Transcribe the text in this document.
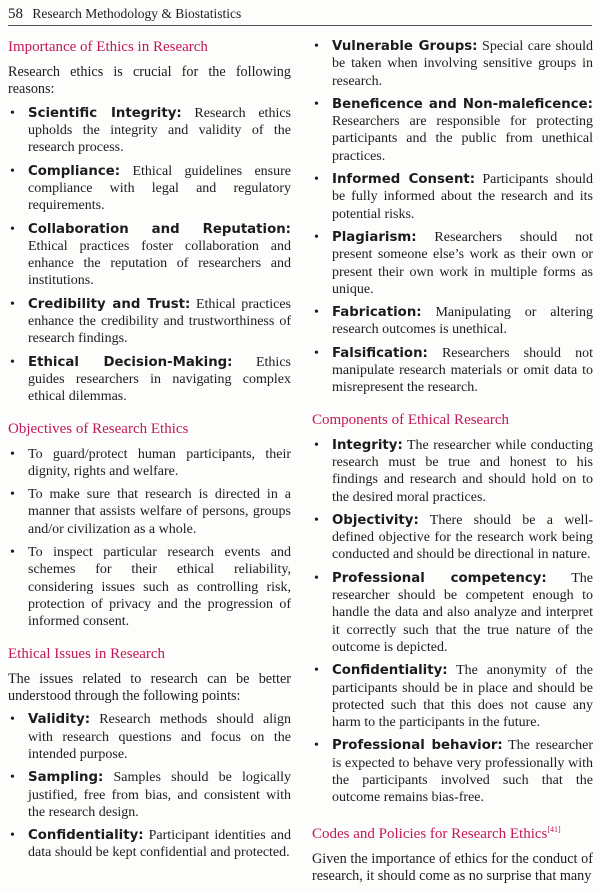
58 Research Methodology & Biostatistics
Importance of Ethics in Research

Research ethics is crucial for the following reasons:

• Scientific Integrity: Research ethics upholds the integrity and validity of the research process.
• Compliance: Ethical guidelines ensure compliance with legal and regulatory requirements.
• Collaboration and Reputation: Ethical practices foster collaboration and enhance the reputation of researchers and institutions.
• Credibility and Trust: Ethical practices enhance the credibility and trustworthiness of research findings.
• Ethical Decision-Making: Ethics guides researchers in navigating complex ethical dilemmas.
Objectives of Research Ethics
• To guard/protect human participants, their dignity, rights and welfare.
• To make sure that research is directed in a manner that assists welfare of persons, groups and/or civilization as a whole.
• To inspect particular research events and schemes for their ethical reliability, considering issues such as controlling risk, protection of privacy and the progression of informed consent.
Ethical Issues in Research

The issues related to research can be better understood through the following points:

• Validity: Research methods should align with research questions and focus on the intended purpose.
• Sampling: Samples should be logically justified, free from bias, and consistent with the research design.
• Confidentiality: Participant identities and data should be kept confidential and protected.
• Vulnerable Groups: Special care should be taken when involving sensitive groups in research.
• Beneficence and Non-maleficence: Researchers are responsible for protecting participants and the public from unethical practices.
• Informed Consent: Participants should be fully informed about the research and its potential risks.
• Plagiarism: Researchers should not present someone else’s work as their own or present their own work in multiple forms as unique.
• Fabrication: Manipulating or altering research outcomes is unethical.
• Falsification: Researchers should not manipulate research materials or omit data to misrepresent the research.
Components of Ethical Research
• Integrity: The researcher while conducting research must be true and honest to his findings and research and should hold on to the desired moral practices.
• Objectivity: There should be a well-defined objective for the research work being conducted and should be directional in nature.
• Professional competency: The researcher should be competent enough to handle the data and also analyze and interpret it correctly such that the true nature of the outcome is depicted.
• Confidentiality: The anonymity of the participants should be in place and should be protected such that this does not cause any harm to the participants in the future.
• Professional behavior: The researcher is expected to behave very professionally with the participants involved such that the outcome remains bias-free.
Codes and Policies for Research Ethics[41]

Given the importance of ethics for the conduct of research, it should come as no surprise that many
